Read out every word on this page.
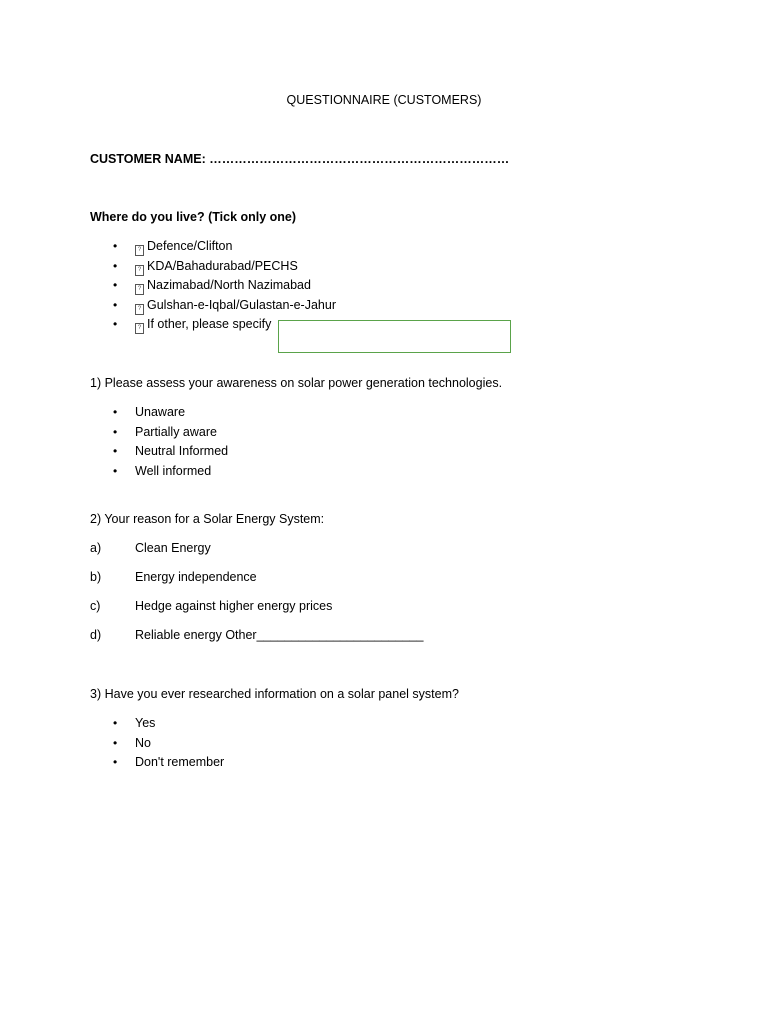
QUESTIONNAIRE (CUSTOMERS)
CUSTOMER NAME: ………………………………………………………………
Where do you live? (Tick only one)
•	? Defence/Clifton
•	? KDA/Bahadurabad/PECHS
•	? Nazimabad/North Nazimabad
•	? Gulshan-e-Iqbal/Gulastan-e-Jahur
•	? If other, please specify
1) Please assess your awareness on solar power generation technologies.
• Unaware
• Partially aware
• Neutral Informed
• Well informed
2) Your reason for a Solar Energy System:
a)	Clean Energy
b)	Energy independence
c)	Hedge against higher energy prices
d)	Reliable energy Other________________________
3) Have you ever researched information on a solar panel system?
• Yes
• No
• Don't remember
